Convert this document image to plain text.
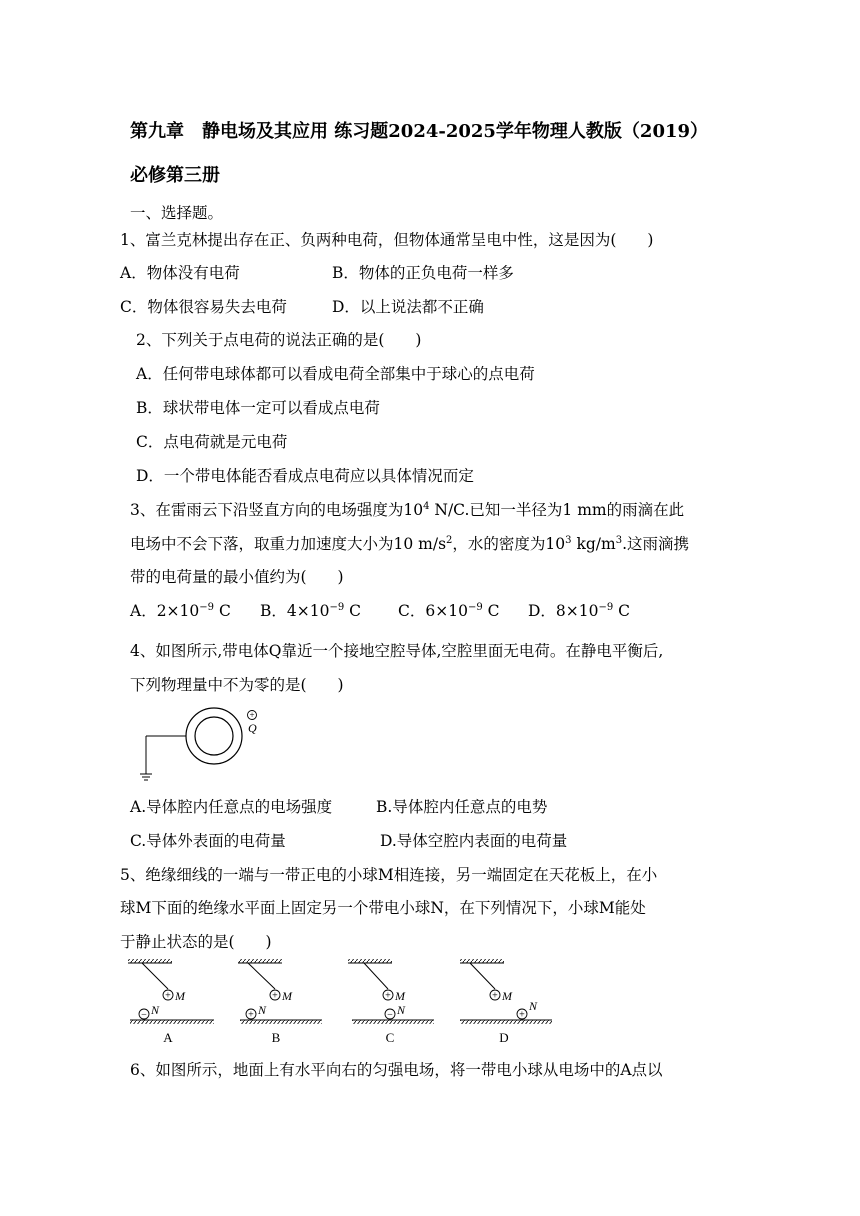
第九章　静电场及其应用 练习题2024-2025学年物理人教版（2019）
必修第三册
一、选择题。
1、富兰克林提出存在正、负两种电荷，但物体通常呈电中性，这是因为(　　)
A．物体没有电荷	B．物体的正负电荷一样多
C．物体很容易失去电荷	D．以上说法都不正确
2、下列关于点电荷的说法正确的是(　　)
A．任何带电球体都可以看成电荷全部集中于球心的点电荷
B．球状带电体一定可以看成点电荷
C．点电荷就是元电荷
D．一个带电体能否看成点电荷应以具体情况而定
3、在雷雨云下沿竖直方向的电场强度为$10^4$ N/C.已知一半径为1 mm的雨滴在此
电场中不会下落，取重力加速度大小为10 $m/s^2$，水的密度为$10^3$ $kg/m^3$.这雨滴携
带的电荷量的最小值约为(　　)
A．$2\times 10^{-9}$ C B．$4\times 10^{-9}$ C C．$6\times 10^{-9}$ C D．$8\times 10^{-9}$ C
4、如图所示,带电体Q靠近一个接地空腔导体,空腔里面无电荷。在静电平衡后,
下列物理量中不为零的是(　　)
+
Q
A.导体腔内任意点的电场强度	B.导体腔内任意点的电势
C.导体外表面的电荷量	D.导体空腔内表面的电荷量
5、绝缘细线的一端与一带正电的小球M相连接，另一端固定在天花板上，在小
球M下面的绝缘水平面上固定另一个带电小球N，在下列情况下，小球M能处
于静止状态的是(　　)
+ M
− N
A
+ M
+ N
B
+ M
− N
C
+ M
+
N
D
6、如图所示，地面上有水平向右的匀强电场，将一带电小球从电场中的A点以
